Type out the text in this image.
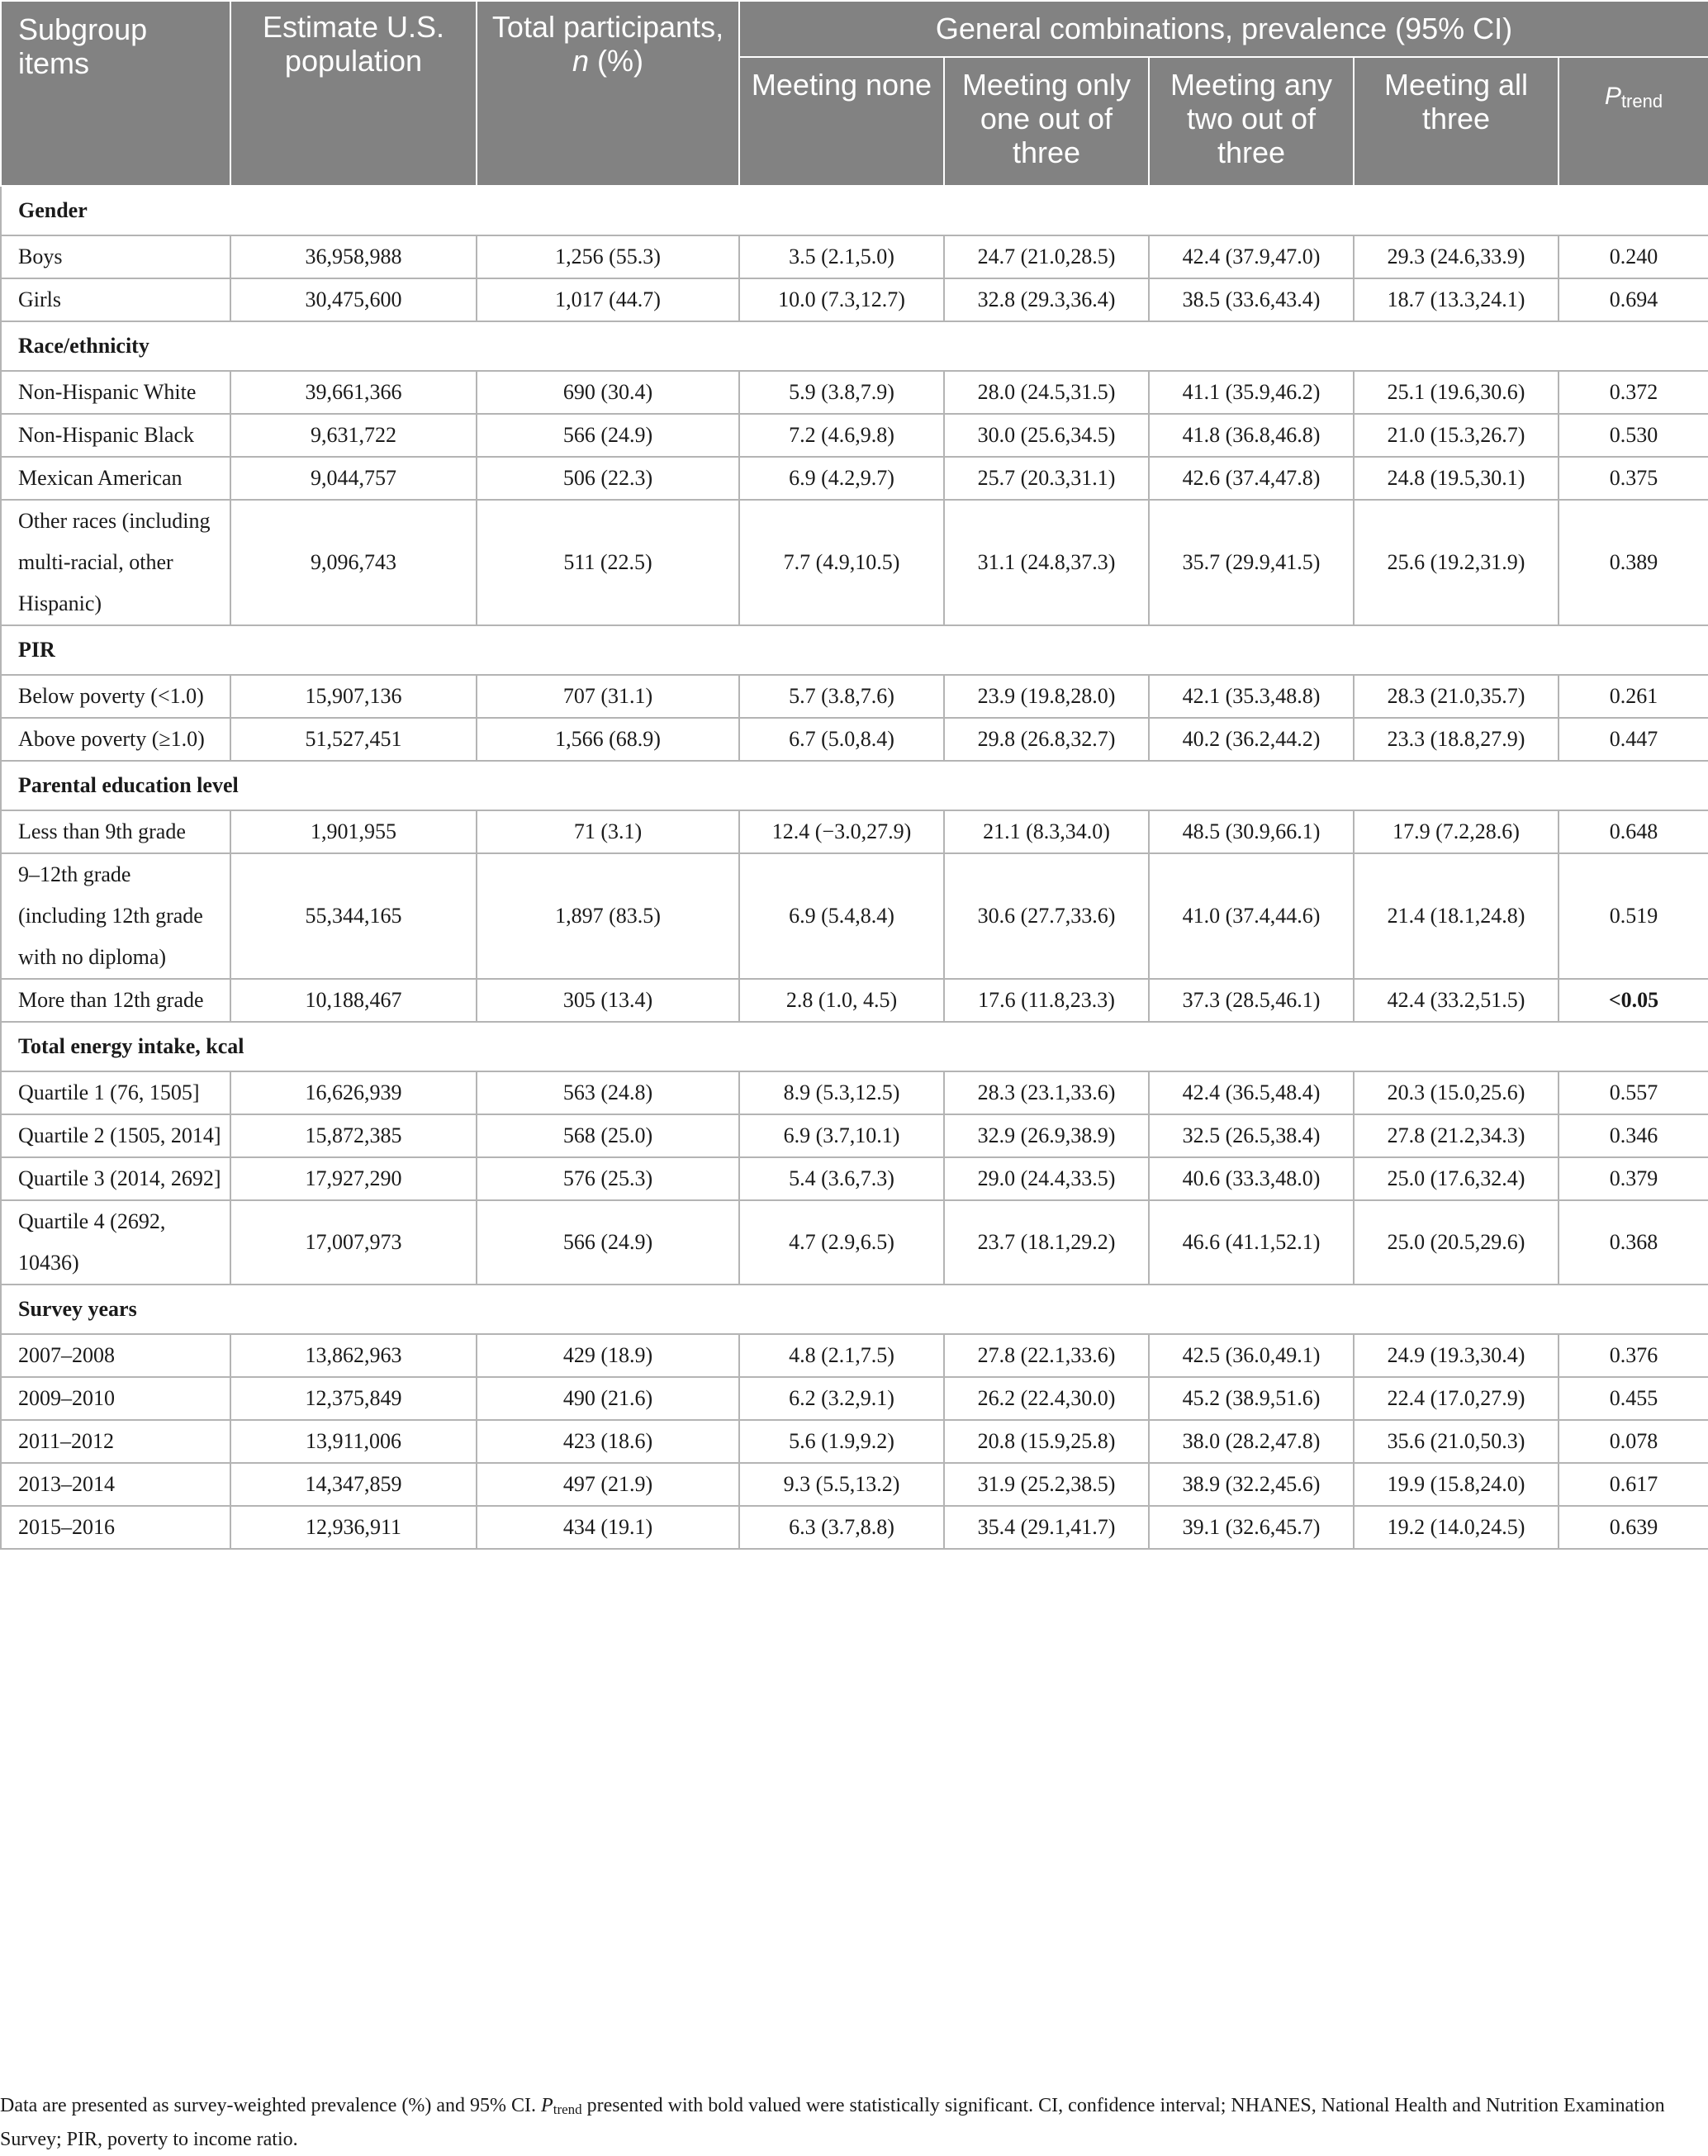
Subgroup items	Estimate U.S. population	Total participants, n (%)	General combinations, prevalence (95% CI)				
			Meeting none	Meeting only one out of three	Meeting any two out of three	Meeting all three	$P_{trend}$
Gender							
Boys	36,958,988	1,256 (55.3)	3.5 (2.1,5.0)	24.7 (21.0,28.5)	42.4 (37.9,47.0)	29.3 (24.6,33.9)	0.240
Girls	30,475,600	1,017 (44.7)	10.0 (7.3,12.7)	32.8 (29.3,36.4)	38.5 (33.6,43.4)	18.7 (13.3,24.1)	0.694
Race/ethnicity							
Non-Hispanic White	39,661,366	690 (30.4)	5.9 (3.8,7.9)	28.0 (24.5,31.5)	41.1 (35.9,46.2)	25.1 (19.6,30.6)	0.372
Non-Hispanic Black	9,631,722	566 (24.9)	7.2 (4.6,9.8)	30.0 (25.6,34.5)	41.8 (36.8,46.8)	21.0 (15.3,26.7)	0.530
Mexican American	9,044,757	506 (22.3)	6.9 (4.2,9.7)	25.7 (20.3,31.1)	42.6 (37.4,47.8)	24.8 (19.5,30.1)	0.375
Other races (including multi-racial, other Hispanic)	9,096,743	511 (22.5)	7.7 (4.9,10.5)	31.1 (24.8,37.3)	35.7 (29.9,41.5)	25.6 (19.2,31.9)	0.389
PIR							
Below poverty (<1.0)	15,907,136	707 (31.1)	5.7 (3.8,7.6)	23.9 (19.8,28.0)	42.1 (35.3,48.8)	28.3 (21.0,35.7)	0.261
Above poverty (≥1.0)	51,527,451	1,566 (68.9)	6.7 (5.0,8.4)	29.8 (26.8,32.7)	40.2 (36.2,44.2)	23.3 (18.8,27.9)	0.447
Parental education level							
Less than 9th grade	1,901,955	71 (3.1)	12.4 (−3.0,27.9)	21.1 (8.3,34.0)	48.5 (30.9,66.1)	17.9 (7.2,28.6)	0.648
9–12th grade (including 12th grade with no diploma)	55,344,165	1,897 (83.5)	6.9 (5.4,8.4)	30.6 (27.7,33.6)	41.0 (37.4,44.6)	21.4 (18.1,24.8)	0.519
More than 12th grade	10,188,467	305 (13.4)	2.8 (1.0, 4.5)	17.6 (11.8,23.3)	37.3 (28.5,46.1)	42.4 (33.2,51.5)	<0.05
Total energy intake, kcal							
Quartile 1 (76, 1505]	16,626,939	563 (24.8)	8.9 (5.3,12.5)	28.3 (23.1,33.6)	42.4 (36.5,48.4)	20.3 (15.0,25.6)	0.557
Quartile 2 (1505, 2014]	15,872,385	568 (25.0)	6.9 (3.7,10.1)	32.9 (26.9,38.9)	32.5 (26.5,38.4)	27.8 (21.2,34.3)	0.346
Quartile 3 (2014, 2692]	17,927,290	576 (25.3)	5.4 (3.6,7.3)	29.0 (24.4,33.5)	40.6 (33.3,48.0)	25.0 (17.6,32.4)	0.379
Quartile 4 (2692, 10436)	17,007,973	566 (24.9)	4.7 (2.9,6.5)	23.7 (18.1,29.2)	46.6 (41.1,52.1)	25.0 (20.5,29.6)	0.368
Survey years							
2007–2008	13,862,963	429 (18.9)	4.8 (2.1,7.5)	27.8 (22.1,33.6)	42.5 (36.0,49.1)	24.9 (19.3,30.4)	0.376
2009–2010	12,375,849	490 (21.6)	6.2 (3.2,9.1)	26.2 (22.4,30.0)	45.2 (38.9,51.6)	22.4 (17.0,27.9)	0.455
2011–2012	13,911,006	423 (18.6)	5.6 (1.9,9.2)	20.8 (15.9,25.8)	38.0 (28.2,47.8)	35.6 (21.0,50.3)	0.078
2013–2014	14,347,859	497 (21.9)	9.3 (5.5,13.2)	31.9 (25.2,38.5)	38.9 (32.2,45.6)	19.9 (15.8,24.0)	0.617
2015–2016	12,936,911	434 (19.1)	6.3 (3.7,8.8)	35.4 (29.1,41.7)	39.1 (32.6,45.7)	19.2 (14.0,24.5)	0.639
Data are presented as survey-weighted prevalence (%) and 95% CI. $P_{trend}$ presented with bold valued were statistically significant. CI, confidence interval; NHANES, National Health and Nutrition Examination Survey; PIR, poverty to income ratio.
